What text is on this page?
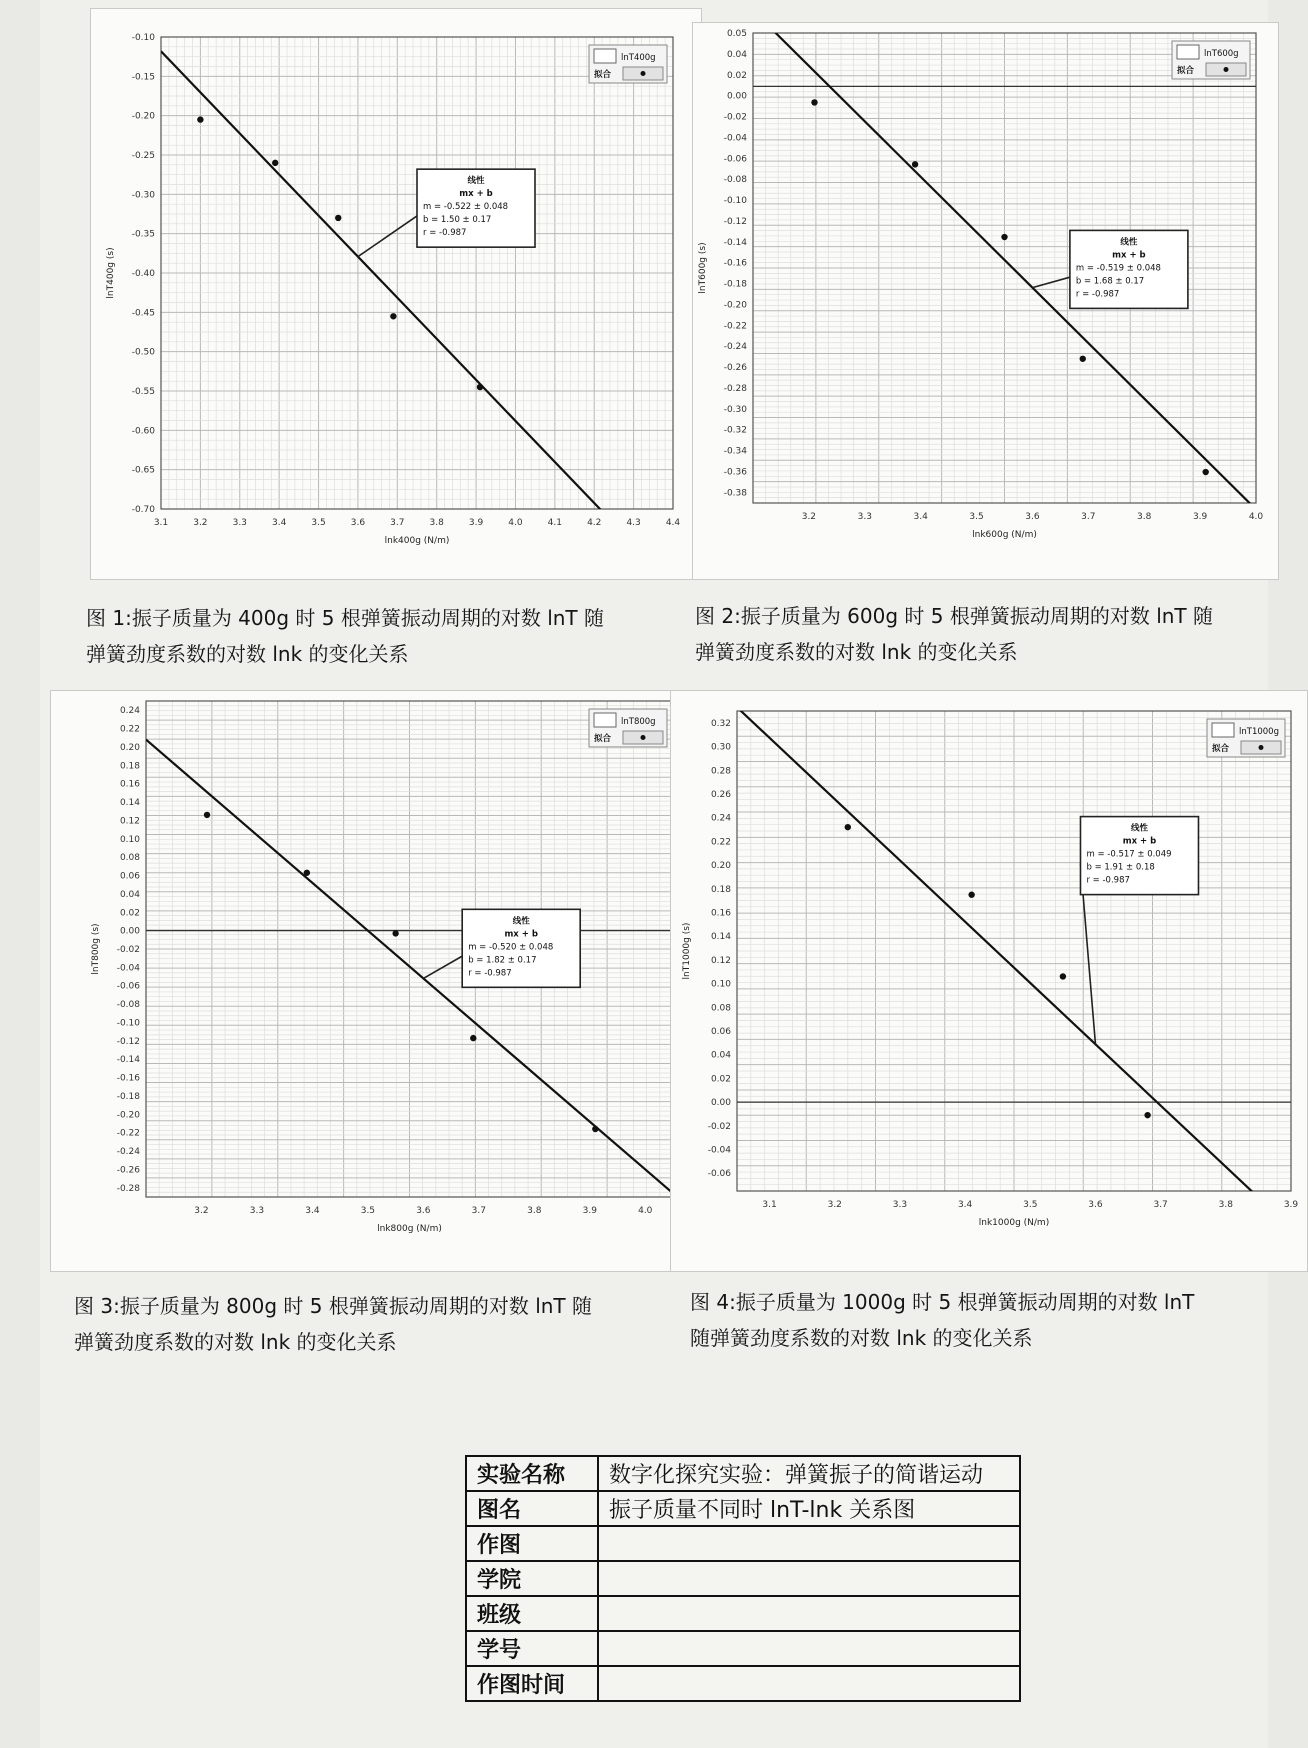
-0.10
-0.15
-0.20
-0.25
-0.30
-0.35
-0.40
-0.45
-0.50
-0.55
-0.60
-0.65
-0.70
3.1	3.2	3.3	3.4	3.5	3.6	3.7	3.8	3.9	4.0	4.1	4.2	4.3	4.4
lnk400g (N/m)
lnT400g (s)
线性
mx + b
m = -0.522 ± 0.048
b = 1.50 ± 0.17
r = -0.987
lnT400g
拟合
0.05
0.04
0.02
0.00
-0.02
-0.04
-0.06
-0.08
-0.10
-0.12
-0.14
-0.16
-0.18
-0.20
-0.22
-0.24
-0.26
-0.28
-0.30
-0.32
-0.34
-0.36
-0.38
3.2	3.3	3.4	3.5	3.6	3.7	3.8	3.9	4.0
lnk600g (N/m)
lnT600g (s)
线性
mx + b
m = -0.519 ± 0.048
b = 1.68 ± 0.17
r = -0.987
lnT600g
拟合
0.24
0.22
0.20
0.18
0.16
0.14
0.12
0.10
0.08
0.06
0.04
0.02
0.00
-0.02
-0.04
-0.06
-0.08
-0.10
-0.12
-0.14
-0.16
-0.18
-0.20
-0.22
-0.24
-0.26
-0.28
3.2	3.3	3.4	3.5	3.6	3.7	3.8	3.9	4.0
lnk800g (N/m)
lnT800g (s)
线性
mx + b
m = -0.520 ± 0.048
b = 1.82 ± 0.17
r = -0.987
lnT800g
拟合
0.32
0.30
0.28
0.26
0.24
0.22
0.20
0.18
0.16
0.14
0.12
0.10
0.08
0.06
0.04
0.02
0.00
-0.02
-0.04
-0.06
3.1	3.2	3.3	3.4	3.5	3.6	3.7	3.8	3.9
lnk1000g (N/m)
lnT1000g (s)
线性
mx + b
m = -0.517 ± 0.049
b = 1.91 ± 0.18
r = -0.987
lnT1000g
拟合
图 1:振子质量为 400g 时 5 根弹簧振动周期的对数 lnT 随
弹簧劲度系数的对数 lnk 的变化关系
图 2:振子质量为 600g 时 5 根弹簧振动周期的对数 lnT 随
弹簧劲度系数的对数 lnk 的变化关系
图 3:振子质量为 800g 时 5 根弹簧振动周期的对数 lnT 随
弹簧劲度系数的对数 lnk 的变化关系
图 4:振子质量为 1000g 时 5 根弹簧振动周期的对数 lnT
随弹簧劲度系数的对数 lnk 的变化关系
实验名称	数字化探究实验：弹簧振子的简谐运动
图名	振子质量不同时 lnT-lnk 关系图
作图	
学院	
班级	
学号	
作图时间	
